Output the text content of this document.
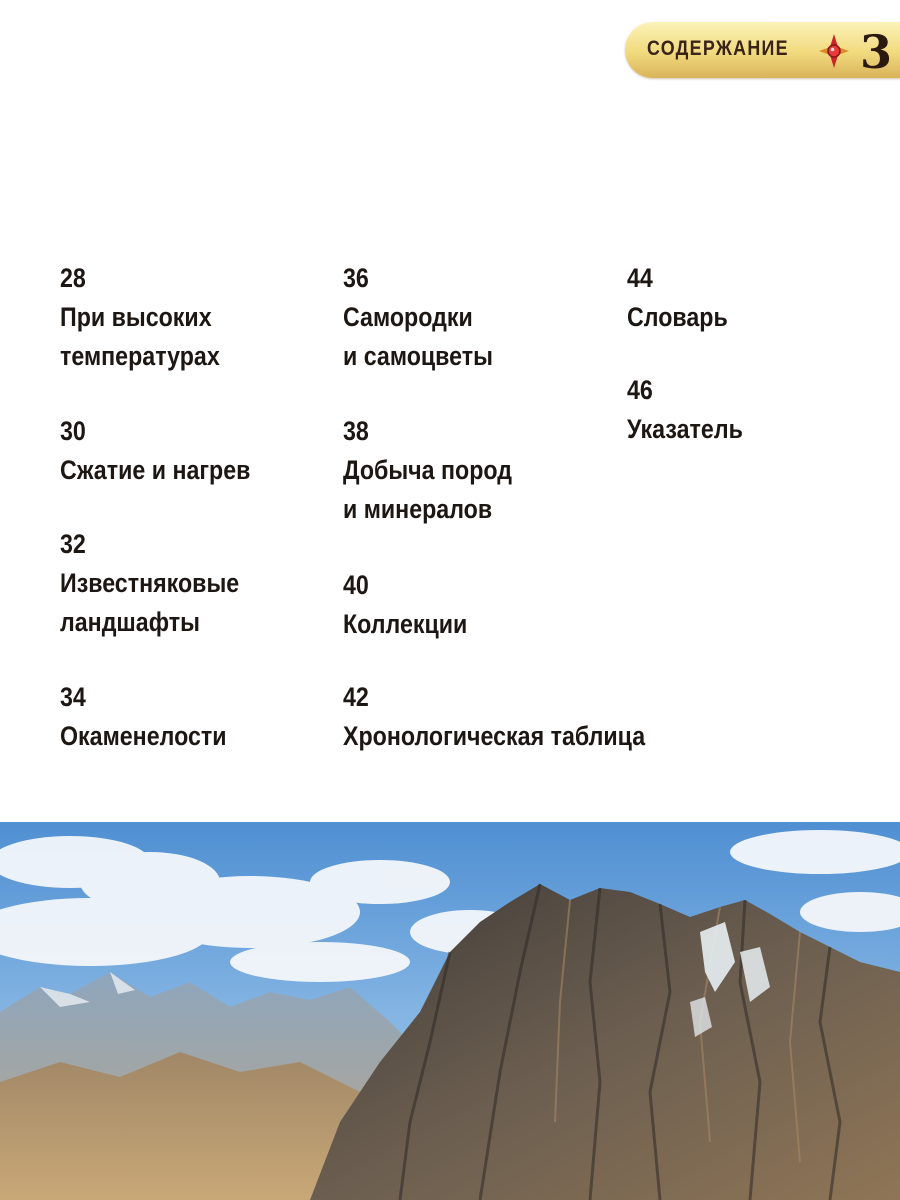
СОДЕРЖАНИЕ 3
28
При высоких
температурах
30
Сжатие и нагрев
32
Известняковые
ландшафты
34
Окаменелости
36
Самородки
и самоцветы
38
Добыча пород
и минералов
40
Коллекции
42
Хронологическая таблица
44
Словарь
46
Указатель
